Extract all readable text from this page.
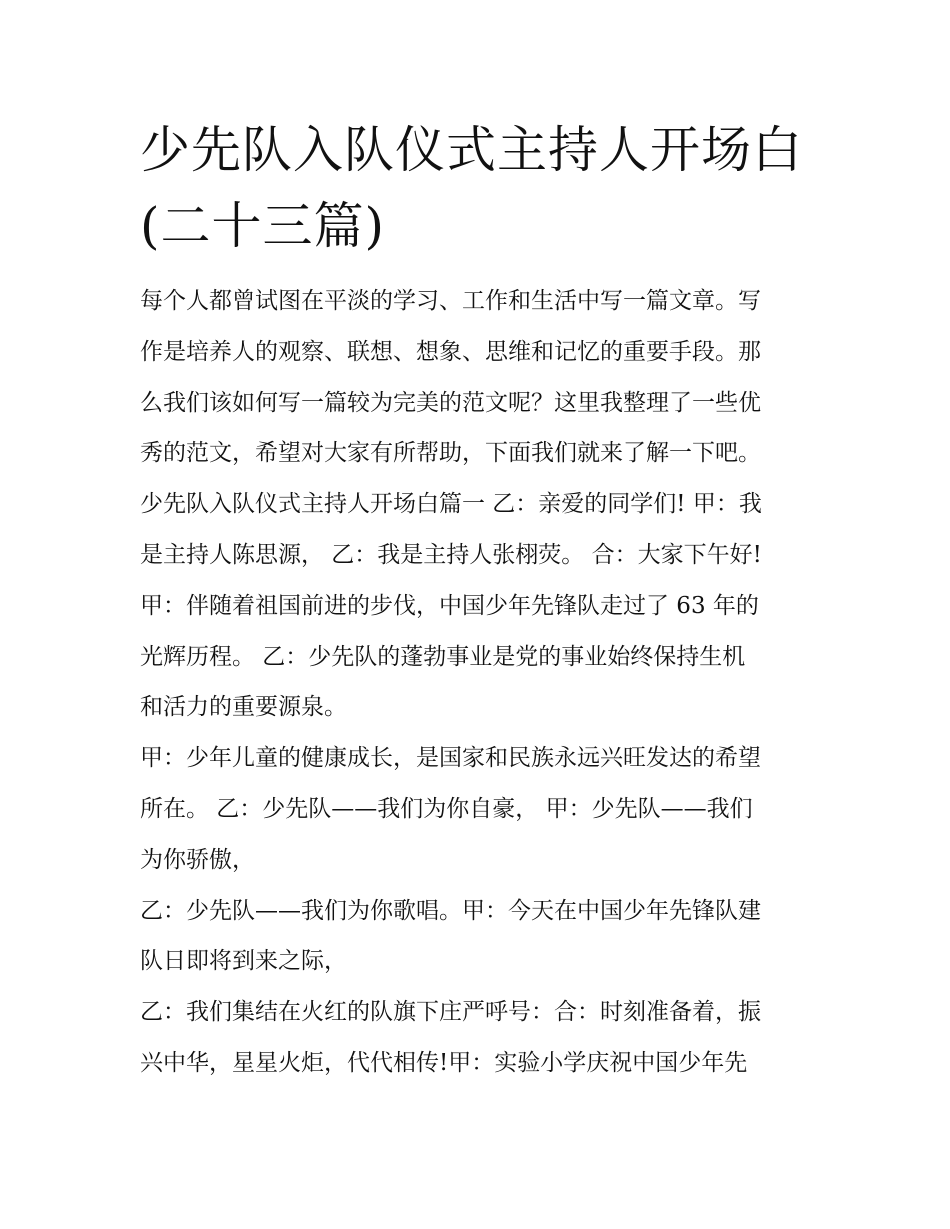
少先队入队仪式主持人开场白
(二十三篇)
每个人都曾试图在平淡的学习、工作和生活中写一篇文章。写
作是培养人的观察、联想、想象、思维和记忆的重要手段。那
么我们该如何写一篇较为完美的范文呢？这里我整理了一些优
秀的范文，希望对大家有所帮助，下面我们就来了解一下吧。
少先队入队仪式主持人开场白篇一 乙：亲爱的同学们! 甲：我
是主持人陈思源， 乙：我是主持人张栩荧。 合：大家下午好!
甲：伴随着祖国前进的步伐，中国少年先锋队走过了 63 年的
光辉历程。 乙：少先队的蓬勃事业是党的事业始终保持生机
和活力的重要源泉。
甲：少年儿童的健康成长，是国家和民族永远兴旺发达的希望
所在。 乙：少先队——我们为你自豪， 甲：少先队——我们
为你骄傲，
乙：少先队——我们为你歌唱。甲：今天在中国少年先锋队建
队日即将到来之际，
乙：我们集结在火红的队旗下庄严呼号：合：时刻准备着，振
兴中华，星星火炬，代代相传!甲：实验小学庆祝中国少年先
